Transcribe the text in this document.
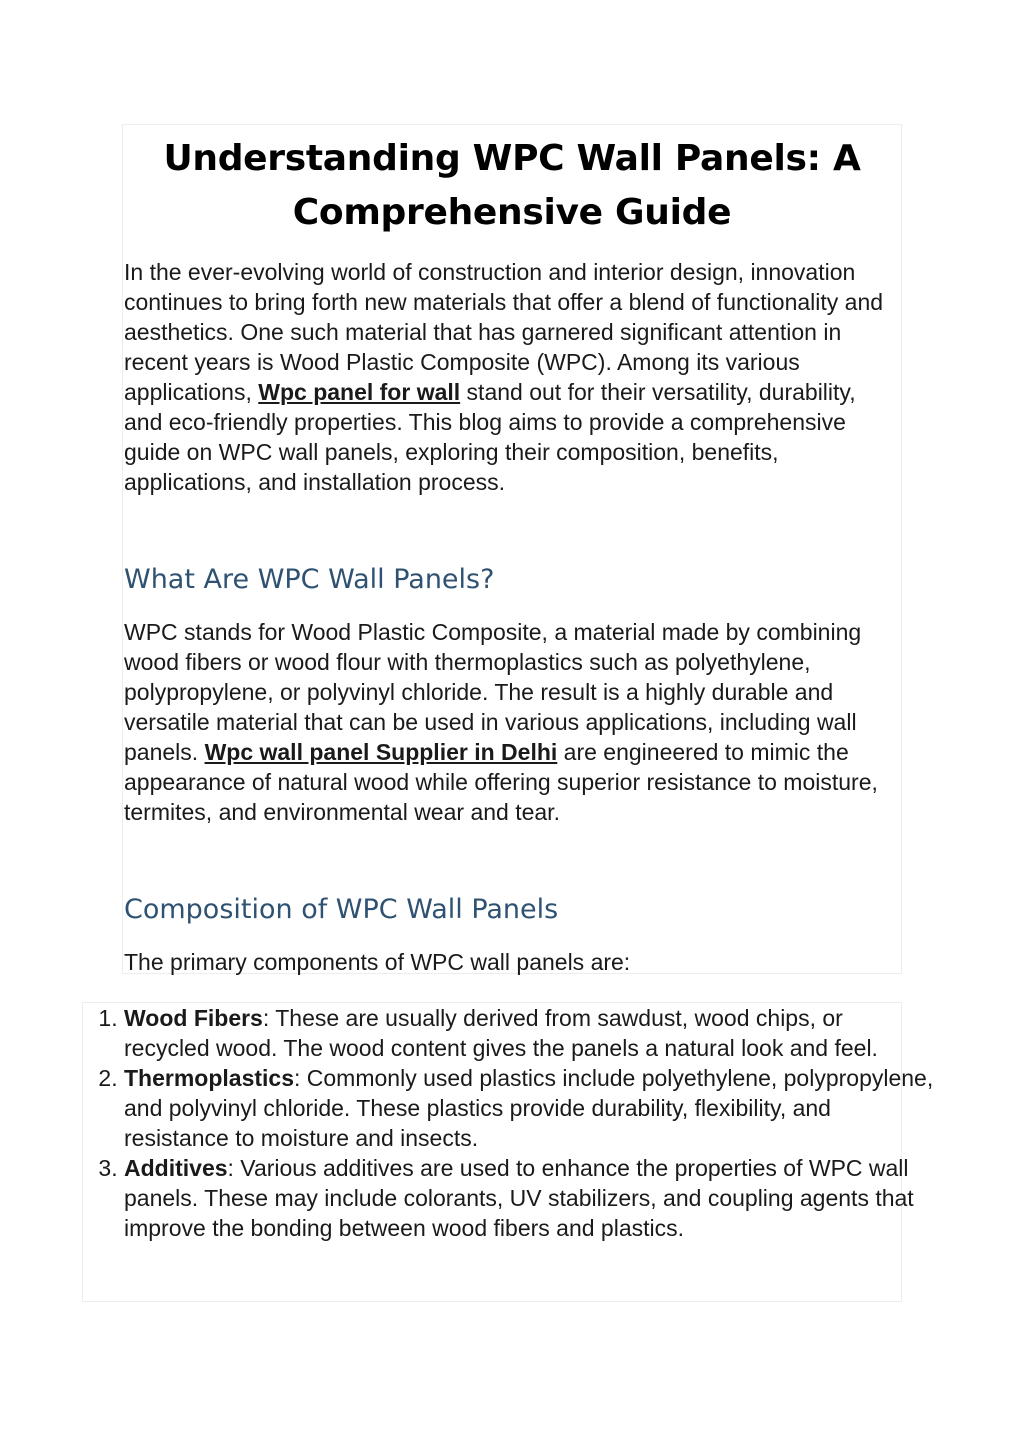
Understanding WPC Wall Panels: A Comprehensive Guide

In the ever-evolving world of construction and interior design, innovation continues to bring forth new materials that offer a blend of functionality and aesthetics. One such material that has garnered significant attention in recent years is Wood Plastic Composite (WPC). Among its various applications, Wpc panel for wall stand out for their versatility, durability, and eco-friendly properties. This blog aims to provide a comprehensive guide on WPC wall panels, exploring their composition, benefits, applications, and installation process.

What Are WPC Wall Panels?

WPC stands for Wood Plastic Composite, a material made by combining wood fibers or wood flour with thermoplastics such as polyethylene, polypropylene, or polyvinyl chloride. The result is a highly durable and versatile material that can be used in various applications, including wall panels. Wpc wall panel Supplier in Delhi are engineered to mimic the appearance of natural wood while offering superior resistance to moisture, termites, and environmental wear and tear.

Composition of WPC Wall Panels

The primary components of WPC wall panels are:

1. Wood Fibers: These are usually derived from sawdust, wood chips, or recycled wood. The wood content gives the panels a natural look and feel.
2. Thermoplastics: Commonly used plastics include polyethylene, polypropylene, and polyvinyl chloride. These plastics provide durability, flexibility, and resistance to moisture and insects.
3. Additives: Various additives are used to enhance the properties of WPC wall panels. These may include colorants, UV stabilizers, and coupling agents that improve the bonding between wood fibers and plastics.
